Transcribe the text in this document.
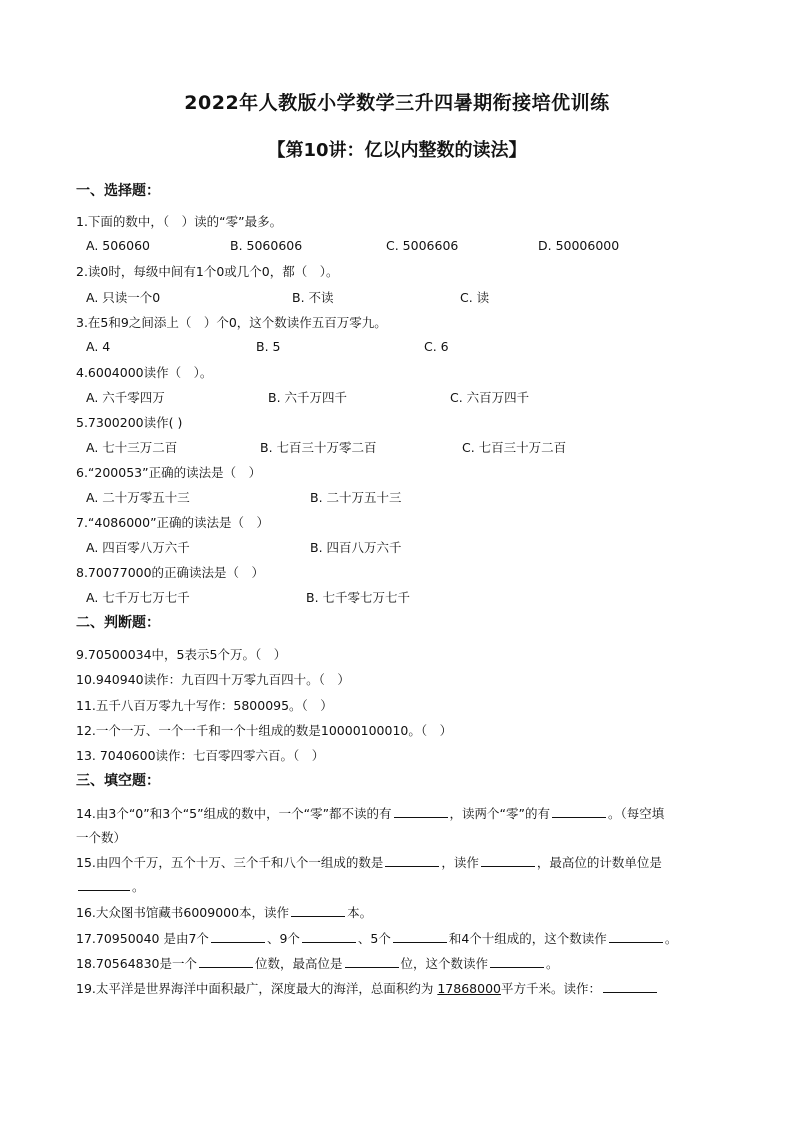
2022年人教版小学数学三升四暑期衔接培优训练
【第10讲：亿以内整数的读法】
一、选择题：
1.下面的数中，（　）读的“零”最多。
A. 506060	B. 5060606	C. 5006606	D. 50006000
2.读0时，每级中间有1个0或几个0，都（　）。
A. 只读一个0	B. 不读	C. 读
3.在5和9之间添上（　）个0，这个数读作五百万零九。
A. 4	B. 5	C. 6
4.6004000读作（　）。
A. 六千零四万	B. 六千万四千	C. 六百万四千
5.7300200读作( )
A. 七十三万二百	B. 七百三十万零二百	C. 七百三十万二百
6.“200053”正确的读法是（　）
A. 二十万零五十三	B. 二十万五十三
7.“4086000”正确的读法是（　）
A. 四百零八万六千	B. 四百八万六千
8.70077000的正确读法是（　）
A. 七千万七万七千	B. 七千零七万七千
二、判断题：
9.70500034中，5表示5个万。（　）
10.940940读作：九百四十万零九百四十。（　）
11.五千八百万零九十写作：5800095。（　）
12.一个一万、一个一千和一个十组成的数是10000100010。（　）
13. 7040600读作：七百零四零六百。（　）
三、填空题：
14.由3个“0”和3个“5”组成的数中，一个“零”都不读的有	，读两个“零”的有	。（每空填
一个数）
15.由四个千万，五个十万、三个千和八个一组成的数是	，读作	，最高位的计数单位是
。
16.大众图书馆藏书6009000本，读作	本。
17.70950040 是由7个	、9个	、5个	和4个十组成的，这个数读作	。
18.70564830是一个	位数，最高位是	位，这个数读作	。
19.太平洋是世界海洋中面积最广，深度最大的海洋，总面积约为 17868000平方千米。读作：
